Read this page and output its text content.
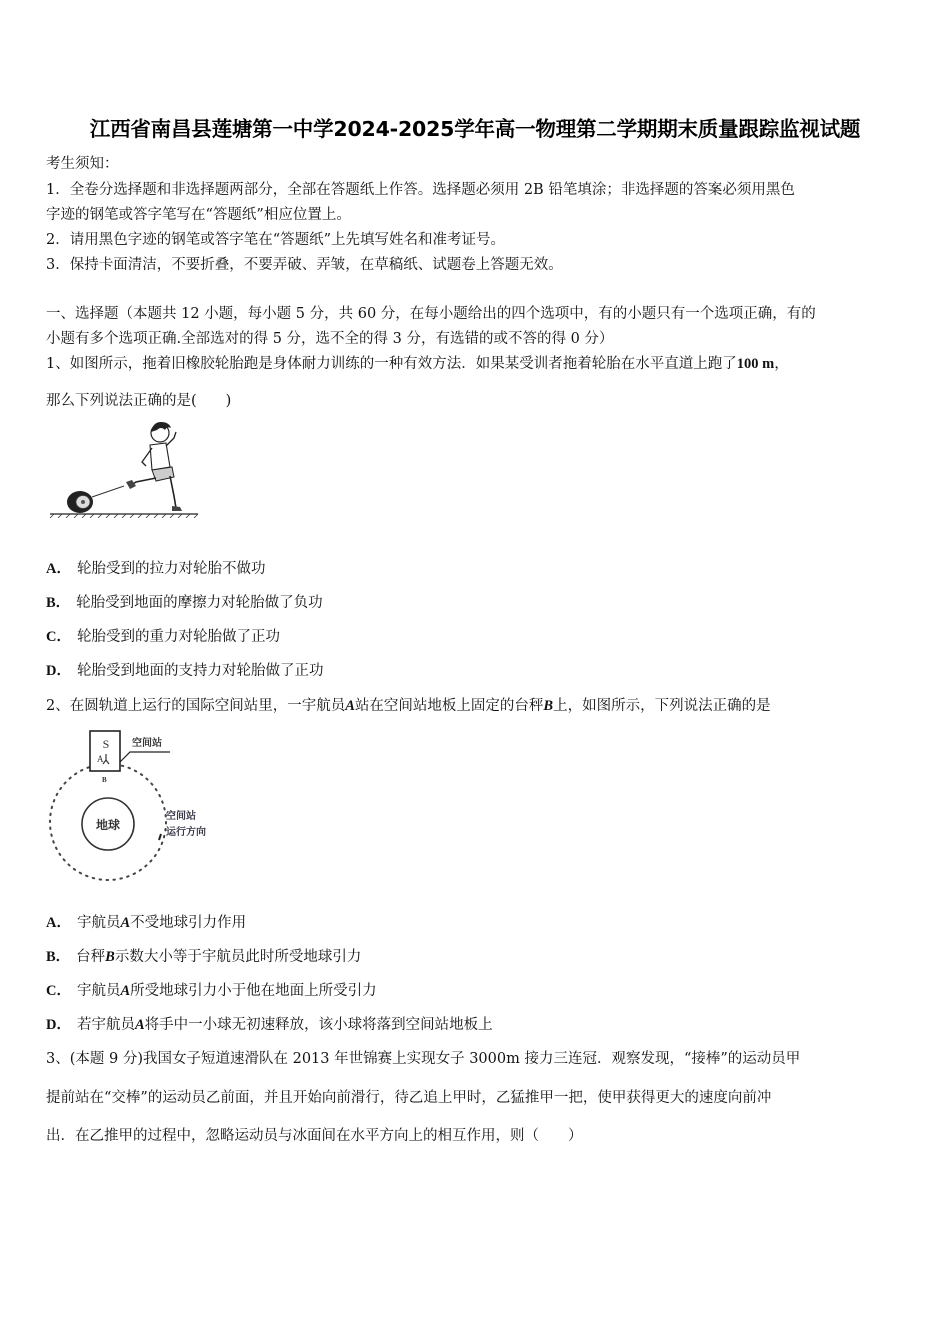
江西省南昌县莲塘第一中学2024-2025学年高一物理第二学期期末质量跟踪监视试题
考生须知：
1．全卷分选择题和非选择题两部分，全部在答题纸上作答。选择题必须用 2B 铅笔填涂；非选择题的答案必须用黑色
字迹的钢笔或答字笔写在“答题纸”相应位置上。
2．请用黑色字迹的钢笔或答字笔在“答题纸”上先填写姓名和准考证号。
3．保持卡面清洁，不要折叠，不要弄破、弄皱，在草稿纸、试题卷上答题无效。
一、选择题（本题共 12 小题，每小题 5 分，共 60 分，在每小题给出的四个选项中，有的小题只有一个选项正确，有的
小题有多个选项正确.全部选对的得 5 分，选不全的得 3 分，有选错的或不答的得 0 分）
1、如图所示，拖着旧橡胶轮胎跑是身体耐力训练的一种有效方法．如果某受训者拖着轮胎在水平直道上跑了100 m，
那么下列说法正确的是(　　)
A． 轮胎受到的拉力对轮胎不做功
B． 轮胎受到地面的摩擦力对轮胎做了负功
C． 轮胎受到的重力对轮胎做了正功
D． 轮胎受到地面的支持力对轮胎做了正功
2、在圆轨道上运行的国际空间站里，一宇航员A站在空间站地板上固定的台秤B上，如图所示，下列说法正确的是
地球
S
A
B
空间站
空间站
运行方向
A． 宇航员A不受地球引力作用
B． 台秤B示数大小等于宇航员此时所受地球引力
C． 宇航员A所受地球引力小于他在地面上所受引力
D． 若宇航员A将手中一小球无初速释放，该小球将落到空间站地板上
3、(本题 9 分)我国女子短道速滑队在 2013 年世锦赛上实现女子 3000m 接力三连冠．观察发现，“接棒”的运动员甲
提前站在“交棒”的运动员乙前面，并且开始向前滑行，待乙追上甲时，乙猛推甲一把，使甲获得更大的速度向前冲
出．在乙推甲的过程中，忽略运动员与冰面间在水平方向上的相互作用，则（　　）
